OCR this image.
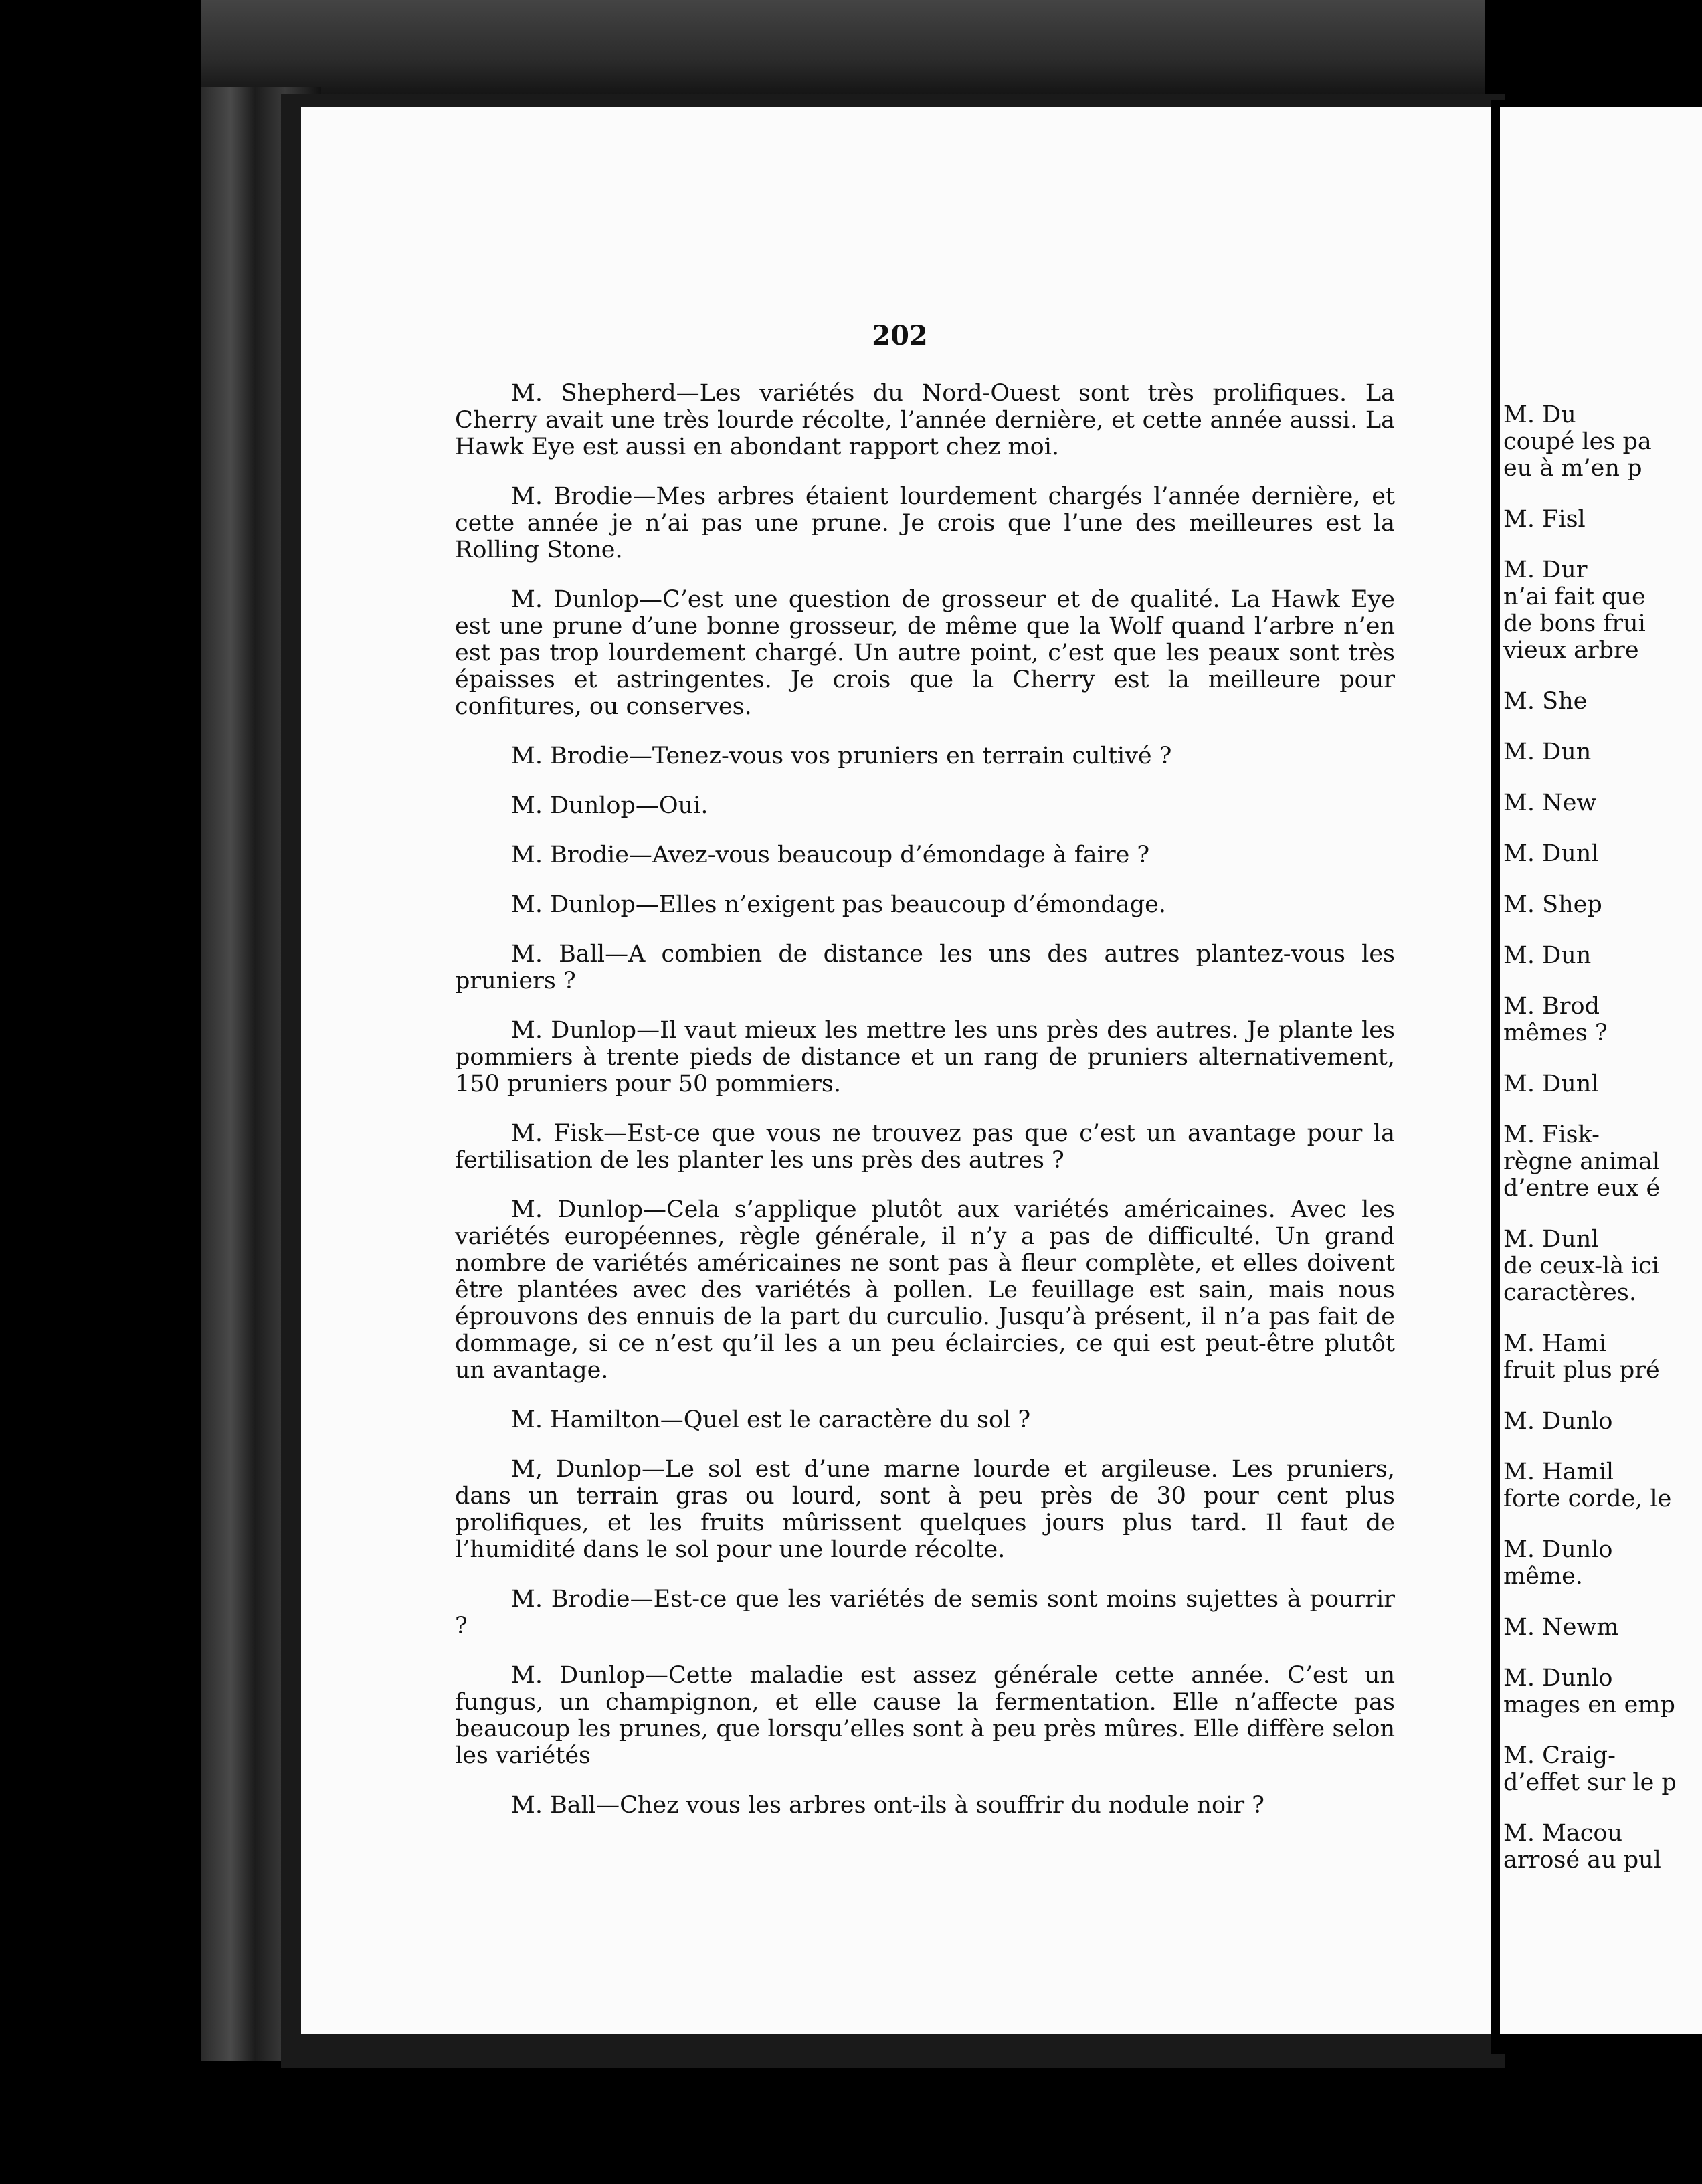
202

M. Shepherd—Les variétés du Nord-Ouest sont très prolifiques. La Cherry avait une très lourde récolte, l’année dernière, et cette année aussi. La Hawk Eye est aussi en abondant rapport chez moi.

M. Brodie—Mes arbres étaient lourdement chargés l’année dernière, et cette année je n’ai pas une prune. Je crois que l’une des meilleures est la Rolling Stone.

M. Dunlop—C’est une question de grosseur et de qualité. La Hawk Eye est une prune d’une bonne grosseur, de même que la Wolf quand l’arbre n’en est pas trop lourdement chargé. Un autre point, c’est que les peaux sont très épaisses et astringentes. Je crois que la Cherry est la meilleure pour confitures, ou conserves.

M. Brodie—Tenez-vous vos pruniers en terrain cultivé ?

M. Dunlop—Oui.

M. Brodie—Avez-vous beaucoup d’émondage à faire ?

M. Dunlop—Elles n’exigent pas beaucoup d’émondage.

M. Ball—A combien de distance les uns des autres plantez-vous les pruniers ?

M. Dunlop—Il vaut mieux les mettre les uns près des autres. Je plante les pommiers à trente pieds de distance et un rang de pruniers alternativement, 150 pruniers pour 50 pommiers.

M. Fisk—Est-ce que vous ne trouvez pas que c’est un avantage pour la fertilisation de les planter les uns près des autres ?

M. Dunlop—Cela s’applique plutôt aux variétés américaines. Avec les variétés européennes, règle générale, il n’y a pas de difficulté. Un grand nombre de variétés américaines ne sont pas à fleur complète, et elles doivent être plantées avec des variétés à pollen. Le feuillage est sain, mais nous éprouvons des ennuis de la part du curculio. Jusqu’à présent, il n’a pas fait de dommage, si ce n’est qu’il les a un peu éclaircies, ce qui est peut-être plutôt un avantage.

M. Hamilton—Quel est le caractère du sol ?

M, Dunlop—Le sol est d’une marne lourde et argileuse. Les pruniers, dans un terrain gras ou lourd, sont à peu près de 30 pour cent plus prolifiques, et les fruits mûrissent quelques jours plus tard. Il faut de l’humidité dans le sol pour une lourde récolte.

M. Brodie—Est-ce que les variétés de semis sont moins sujettes à pourrir ?

M. Dunlop—Cette maladie est assez générale cette année. C’est un fungus, un champignon, et elle cause la fermentation. Elle n’affecte pas beaucoup les prunes, que lorsqu’elles sont à peu près mûres. Elle diffère selon les variétés

M. Ball—Chez vous les arbres ont-ils à souffrir du nodule noir ?

M. Du
coupé les pa
eu à m’en p
M. Fisl
M. Dur
n’ai fait que
de bons frui
vieux arbre
M. She
M. Dun
M. New
M. Dunl
M. Shep
M. Dun
M. Brod
mêmes ?
M. Dunl
M. Fisk-
règne animal
d’entre eux é
M. Dunl
de ceux-là ici
caractères.
M. Hami
fruit plus pré
M. Dunlo
M. Hamil
forte corde, le
M. Dunlo
même.
M. Newm
M. Dunlo
mages en emp
M. Craig-
d’effet sur le p
M. Macou
arrosé au pul
